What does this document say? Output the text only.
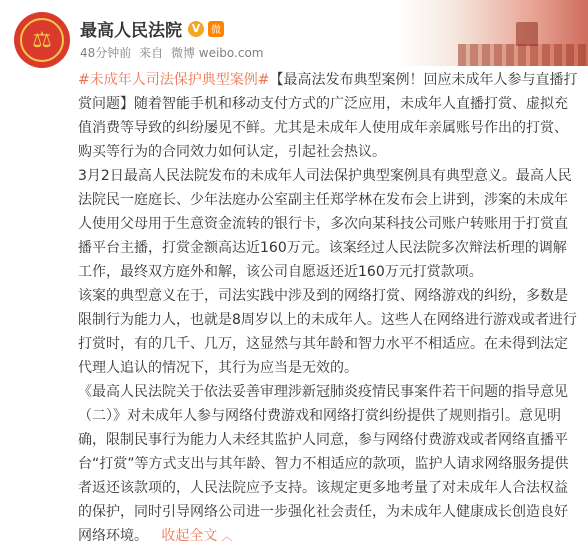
⚖	最高人民法院 V	微
48分钟前 来自 微博 weibo.com

#未成年人司法保护典型案例#【最高法发布典型案例！回应未成年人参与直播打赏问题】随着智能手机和移动支付方式的广泛应用，未成年人直播打赏、虚拟充值消费等导致的纠纷屡见不鲜。尤其是未成年人使用成年亲属账号作出的打赏、购买等行为的合同效力如何认定，引起社会热议。

3月2日最高人民法院发布的未成年人司法保护典型案例具有典型意义。最高人民法院民一庭庭长、少年法庭办公室副主任郑学林在发布会上讲到，涉案的未成年人使用父母用于生意资金流转的银行卡，多次向某科技公司账户转账用于打赏直播平台主播，打赏金额高达近160万元。该案经过人民法院多次辩法析理的调解工作，最终双方庭外和解，该公司自愿返还近160万元打赏款项。

该案的典型意义在于，司法实践中涉及到的网络打赏、网络游戏的纠纷，多数是限制行为能力人，也就是8周岁以上的未成年人。这些人在网络进行游戏或者进行打赏时，有的几千、几万，这显然与其年龄和智力水平不相适应。在未得到法定代理人追认的情况下，其行为应当是无效的。

《最高人民法院关于依法妥善审理涉新冠肺炎疫情民事案件若干问题的指导意见（二）》对未成年人参与网络付费游戏和网络打赏纠纷提供了规则指引。意见明确，限制民事行为能力人未经其监护人同意，参与网络付费游戏或者网络直播平台“打赏”等方式支出与其年龄、智力不相适应的款项，监护人请求网络服务提供者返还该款项的，人民法院应予支持。该规定更多地考量了对未成年人合法权益的保护，同时引导网络公司进一步强化社会责任，为未成年人健康成长创造良好网络环境。 收起全文 ︿
